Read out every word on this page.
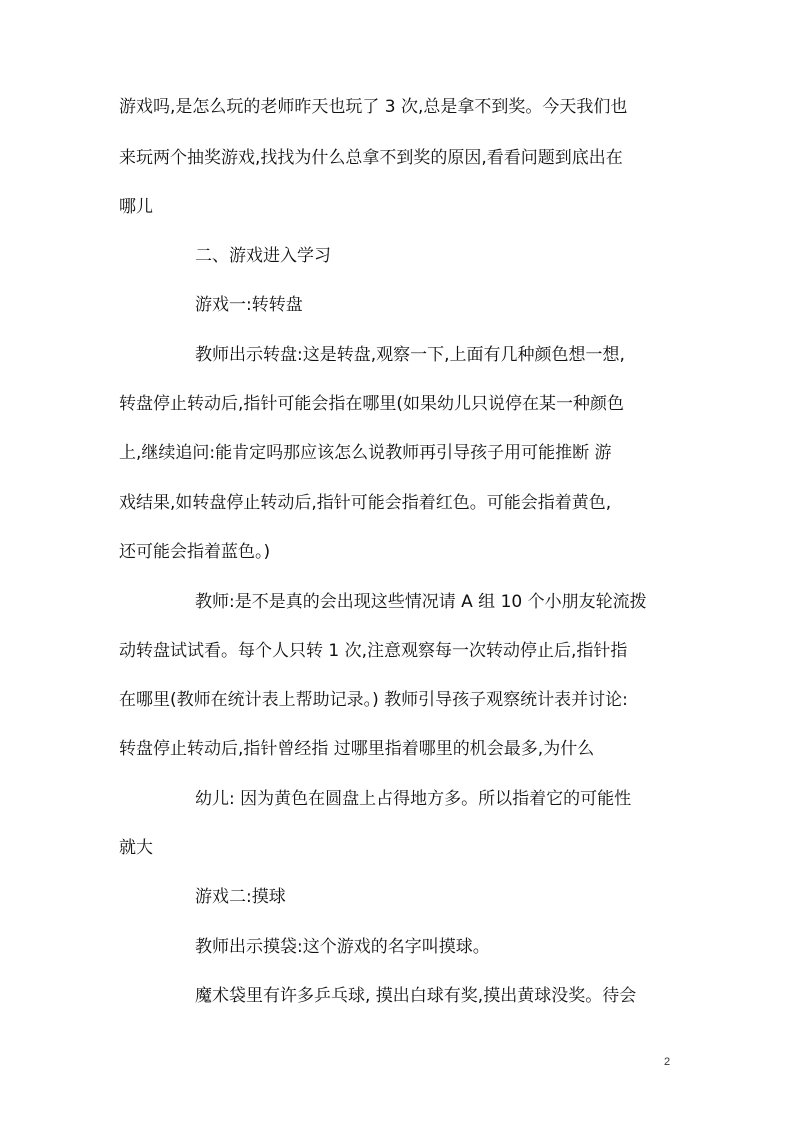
游戏吗,是怎么玩的老师昨天也玩了 3 次,总是拿不到奖。今天我们也
来玩两个抽奖游戏,找找为什么总拿不到奖的原因,看看问题到底出在
哪儿
二、游戏进入学习
游戏一:转转盘
教师出示转盘:这是转盘,观察一下,上面有几种颜色想一想,
转盘停止转动后,指针可能会指在哪里(如果幼儿只说停在某一种颜色
上,继续追问:能肯定吗那应该怎么说教师再引导孩子用可能推断 游
戏结果,如转盘停止转动后,指针可能会指着红色。可能会指着黄色,
还可能会指着蓝色。)
教师:是不是真的会出现这些情况请 A 组 10 个小朋友轮流拨
动转盘试试看。每个人只转 1 次,注意观察每一次转动停止后,指针指
在哪里(教师在统计表上帮助记录。) 教师引导孩子观察统计表并讨论:
转盘停止转动后,指针曾经指 过哪里指着哪里的机会最多,为什么
幼儿: 因为黄色在圆盘上占得地方多。所以指着它的可能性
就大
游戏二:摸球
教师出示摸袋:这个游戏的名字叫摸球。
魔术袋里有许多乒乓球, 摸出白球有奖,摸出黄球没奖。待会
2
